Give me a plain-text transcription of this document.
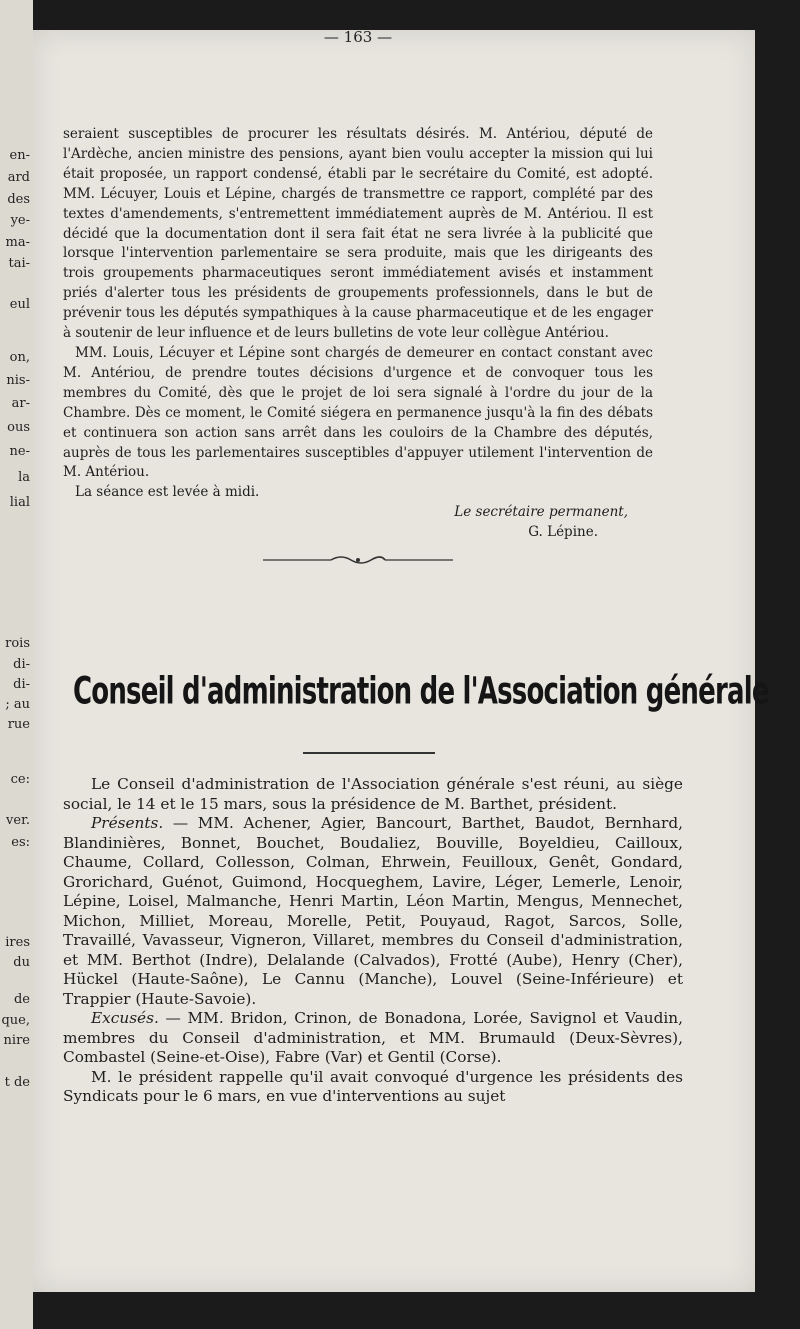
en-
ard
des
ye-
ma-
tai-
eul
on,
nis-
ar-
ous
ne-
la
lial
rois
di-
di-
; au
rue
ce:
ver.
es:
ires
du
de
que,
nire
t de
— 163 —

seraient susceptibles de procurer les résultats désirés. M. Antériou, député de l'Ardèche, ancien ministre des pensions, ayant bien voulu accepter la mission qui lui était proposée, un rapport condensé, établi par le secrétaire du Comité, est adopté. MM. Lécuyer, Louis et Lépine, chargés de transmettre ce rapport, complété par des textes d'amendements, s'entremettent immédiatement auprès de M. Antériou. Il est décidé que la documentation dont il sera fait état ne sera livrée à la publicité que lorsque l'intervention parlementaire se sera produite, mais que les dirigeants des trois groupements pharmaceutiques seront immédiatement avisés et instamment priés d'alerter tous les présidents de groupements professionnels, dans le but de prévenir tous les députés sympathiques à la cause pharmaceutique et de les engager à soutenir de leur influence et de leurs bulletins de vote leur collègue Antériou.

MM. Louis, Lécuyer et Lépine sont chargés de demeurer en contact constant avec M. Antériou, de prendre toutes décisions d'urgence et de convoquer tous les membres du Comité, dès que le projet de loi sera signalé à l'ordre du jour de la Chambre. Dès ce moment, le Comité siégera en permanence jusqu'à la fin des débats et continuera son action sans arrêt dans les couloirs de la Chambre des députés, auprès de tous les parlementaires susceptibles d'appuyer utilement l'intervention de M. Antériou.

La séance est levée à midi.

Le secrétaire permanent,

G. Lépine.

Conseil d'administration de l'Association générale

Le Conseil d'administration de l'Association générale s'est réuni, au siège social, le 14 et le 15 mars, sous la présidence de M. Barthet, président.

Présents. — MM. Achener, Agier, Bancourt, Barthet, Baudot, Bernhard, Blandinières, Bonnet, Bouchet, Boudaliez, Bouville, Boyeldieu, Cailloux, Chaume, Collard, Collesson, Colman, Ehrwein, Feuilloux, Genêt, Gondard, Grorichard, Guénot, Guimond, Hocqueghem, Lavire, Léger, Lemerle, Lenoir, Lépine, Loisel, Malmanche, Henri Martin, Léon Martin, Mengus, Mennechet, Michon, Milliet, Moreau, Morelle, Petit, Pouyaud, Ragot, Sarcos, Solle, Travaillé, Vavasseur, Vigneron, Villaret, membres du Conseil d'administration, et MM. Berthot (Indre), Delalande (Calvados), Frotté (Aube), Henry (Cher), Hückel (Haute-Saône), Le Cannu (Manche), Louvel (Seine-Inférieure) et Trappier (Haute-Savoie).

Excusés. — MM. Bridon, Crinon, de Bonadona, Lorée, Savignol et Vaudin, membres du Conseil d'administration, et MM. Brumauld (Deux-Sèvres), Combastel (Seine-et-Oise), Fabre (Var) et Gentil (Corse).

M. le président rappelle qu'il avait convoqué d'urgence les présidents des Syndicats pour le 6 mars, en vue d'interventions au sujet
